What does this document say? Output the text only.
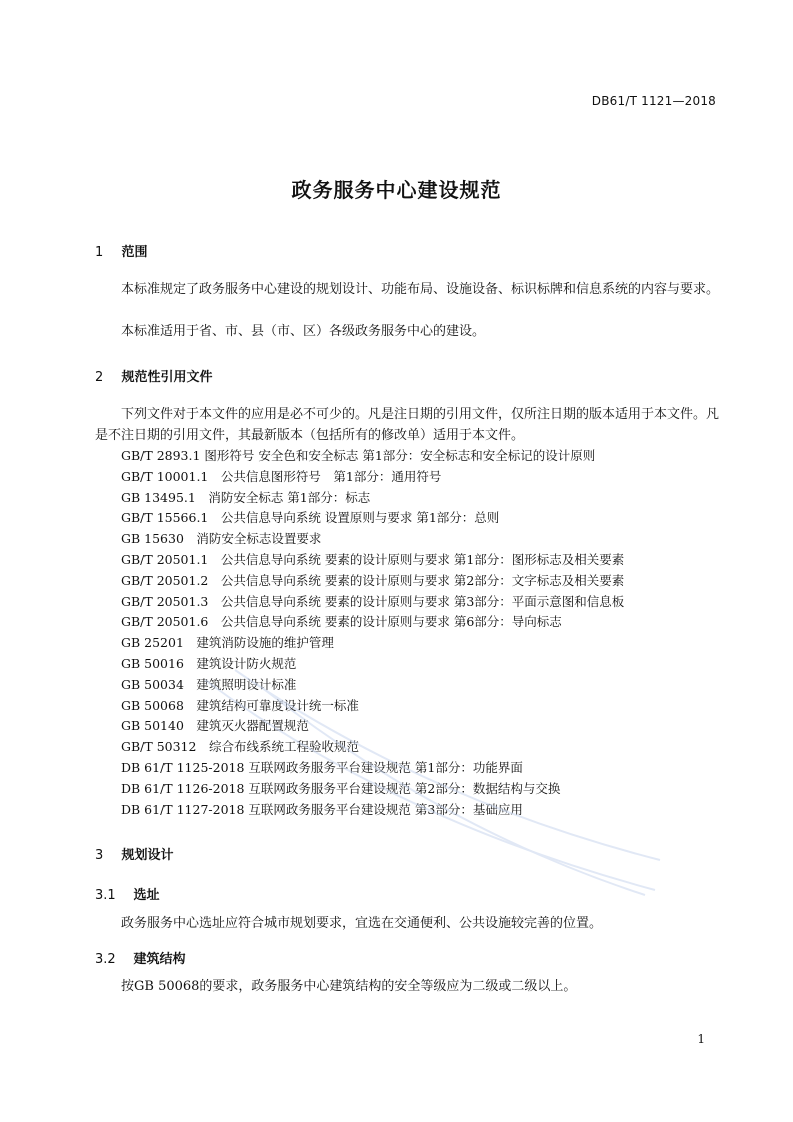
DB61/T 1121—2018
政务服务中心建设规范
1 范围

本标准规定了政务服务中心建设的规划设计、功能布局、设施设备、标识标牌和信息系统的内容与要求。

本标准适用于省、市、县（市、区）各级政务服务中心的建设。

2 规范性引用文件

下列文件对于本文件的应用是必不可少的。凡是注日期的引用文件，仅所注日期的版本适用于本文件。凡是不注日期的引用文件，其最新版本（包括所有的修改单）适用于本文件。

GB/T 2893.1 图形符号 安全色和安全标志 第1部分：安全标志和安全标记的设计原则
GB/T 10001.1　公共信息图形符号　第1部分：通用符号
GB 13495.1　消防安全标志 第1部分：标志
GB/T 15566.1　公共信息导向系统 设置原则与要求 第1部分：总则
GB 15630　消防安全标志设置要求
GB/T 20501.1　公共信息导向系统 要素的设计原则与要求 第1部分：图形标志及相关要素
GB/T 20501.2　公共信息导向系统 要素的设计原则与要求 第2部分：文字标志及相关要素
GB/T 20501.3　公共信息导向系统 要素的设计原则与要求 第3部分：平面示意图和信息板
GB/T 20501.6　公共信息导向系统 要素的设计原则与要求 第6部分：导向标志
GB 25201　建筑消防设施的维护管理
GB 50016　建筑设计防火规范
GB 50034　建筑照明设计标准
GB 50068　建筑结构可靠度设计统一标准
GB 50140　建筑灭火器配置规范
GB/T 50312　综合布线系统工程验收规范
DB 61/T 1125-2018 互联网政务服务平台建设规范 第1部分：功能界面
DB 61/T 1126-2018 互联网政务服务平台建设规范 第2部分：数据结构与交换
DB 61/T 1127-2018 互联网政务服务平台建设规范 第3部分：基础应用
3 规划设计
3.1 选址

政务服务中心选址应符合城市规划要求，宜选在交通便利、公共设施较完善的位置。

3.2 建筑结构

按GB 50068的要求，政务服务中心建筑结构的安全等级应为二级或二级以上。

1
